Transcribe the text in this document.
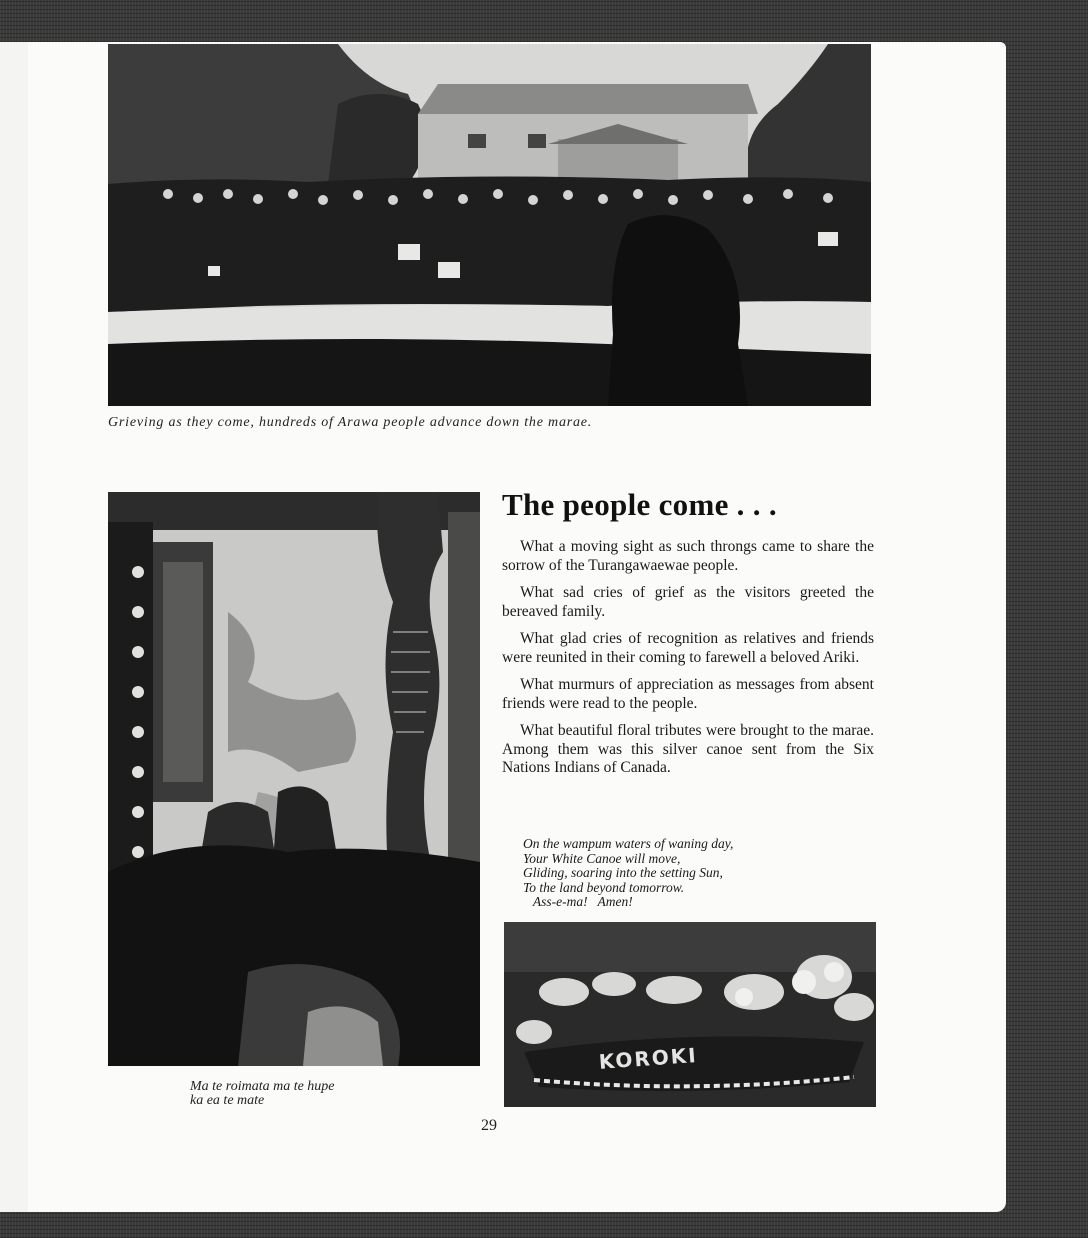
Grieving as they come, hundreds of Arawa people advance down the marae.
The people come . . .

What a moving sight as such throngs came to share the sorrow of the Turangawaewae people.

What sad cries of grief as the visitors greeted the bereaved family.

What glad cries of recognition as relatives and friends were reunited in their coming to farewell a beloved Ariki.

What murmurs of appreciation as messages from absent friends were read to the people.

What beautiful floral tributes were brought to the marae. Among them was this silver canoe sent from the Six Nations Indians of Canada.

On the wampum waters of waning day,
Your White Canoe will move,
Gliding, soaring into the setting Sun,
To the land beyond tomorrow.
Ass-e-ma!   Amen!
KOROKI
Ma te roimata ma te hupe
ka ea te mate
29
